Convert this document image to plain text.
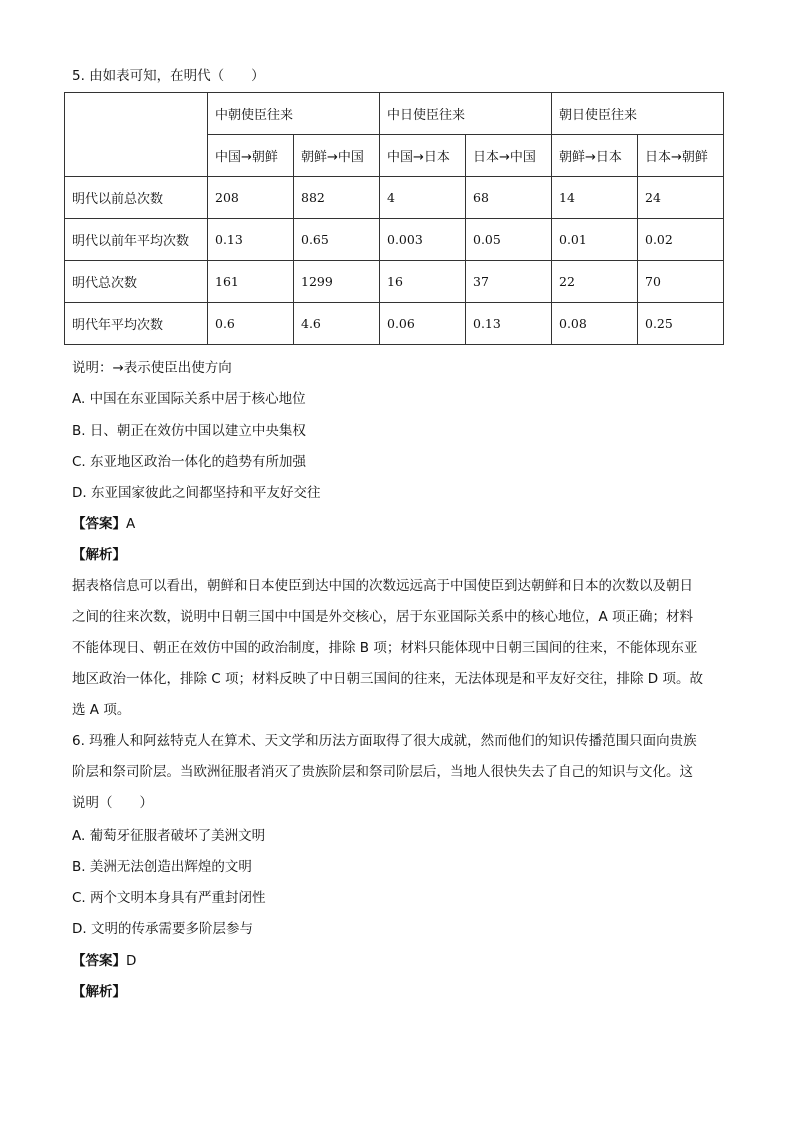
5. 由如表可知，在明代（　　）
	中朝使臣往来		中日使臣往来		朝日使臣往来	
	中国→朝鲜	朝鲜→中国	中国→日本	日本→中国	朝鲜→日本	日本→朝鲜
明代以前总次数	208	882	4	68	14	24
明代以前年平均次数	0.13	0.65	0.003	0.05	0.01	0.02
明代总次数	161	1299	16	37	22	70
明代年平均次数	0.6	4.6	0.06	0.13	0.08	0.25
说明：→表示使臣出使方向
A. 中国在东亚国际关系中居于核心地位
B. 日、朝正在效仿中国以建立中央集权
C. 东亚地区政治一体化的趋势有所加强
D. 东亚国家彼此之间都坚持和平友好交往
【答案】A
【解析】
据表格信息可以看出，朝鲜和日本使臣到达中国的次数远远高于中国使臣到达朝鲜和日本的次数以及朝日
之间的往来次数，说明中日朝三国中中国是外交核心，居于东亚国际关系中的核心地位，A 项正确；材料
不能体现日、朝正在效仿中国的政治制度，排除 B 项；材料只能体现中日朝三国间的往来，不能体现东亚
地区政治一体化，排除 C 项；材料反映了中日朝三国间的往来，无法体现是和平友好交往，排除 D 项。故
选 A 项。
6. 玛雅人和阿兹特克人在算术、天文学和历法方面取得了很大成就，然而他们的知识传播范围只面向贵族
阶层和祭司阶层。当欧洲征服者消灭了贵族阶层和祭司阶层后，当地人很快失去了自己的知识与文化。这
说明（　　）
A. 葡萄牙征服者破坏了美洲文明
B. 美洲无法创造出辉煌的文明
C. 两个文明本身具有严重封闭性
D. 文明的传承需要多阶层参与
【答案】D
【解析】
